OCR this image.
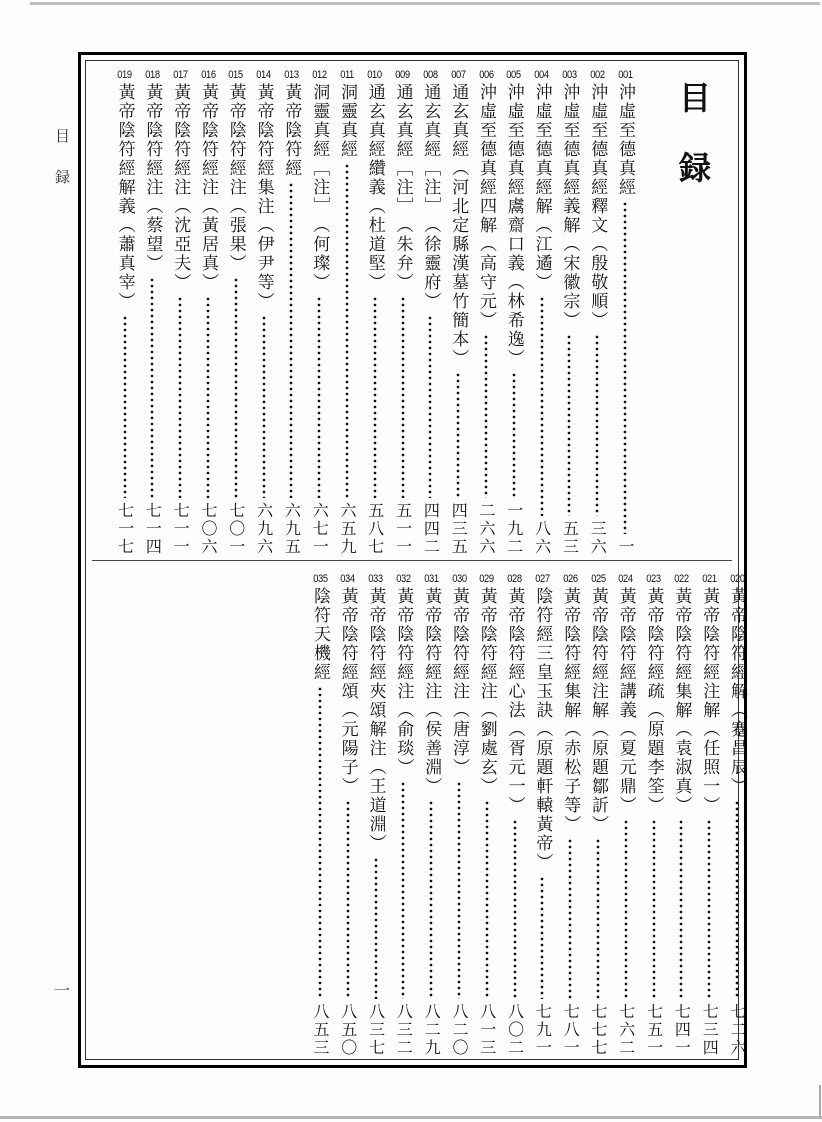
目録
一
目
録
001
沖虛至德真經
一
002
沖虛至德真經釋文︵殷敬順︶
三六
003
沖虛至德真經義解︵宋徽宗︶
五三
004
沖虛至德真經解︵江遹︶
八六
005
沖虛至德真經鬳齋口義︵林希逸︶
一九二
006
沖虛至德真經四解︵高守元︶
二六六
007
通玄真經︵河北定縣漢墓竹簡本︶
四三五
008
通玄真經﹇注﹈︵徐靈府︶
四四二
009
通玄真經﹇注﹈︵朱弁︶
五一一
010
通玄真經纘義︵杜道堅︶
五八七
011
洞靈真經
六五九
012
洞靈真經﹇注﹈︵何璨︶
六七一
013
黃帝陰符經
六九五
014
黃帝陰符經集注︵伊尹等︶
六九六
015
黃帝陰符經注︵張果︶
七〇一
016
黃帝陰符經注︵黃居真︶
七〇六
017
黃帝陰符經注︵沈亞夫︶
七一一
018
黃帝陰符經注︵蔡望︶
七一四
019
黃帝陰符經解義︵蕭真宰︶
七一七
020
黃帝陰符經解︵蹇昌辰︶
七二六
021
黃帝陰符經注解︵任照一︶
七三四
022
黃帝陰符經集解︵袁淑真︶
七四一
023
黃帝陰符經疏︵原題李筌︶
七五一
024
黃帝陰符經講義︵夏元鼎︶
七六二
025
黃帝陰符經注解︵原題鄒訢︶
七七七
026
黃帝陰符經集解︵赤松子等︶
七八一
027
陰符經三皇玉訣︵原題軒轅黃帝︶
七九一
028
黃帝陰符經心法︵胥元一︶
八〇二
029
黃帝陰符經注︵劉處玄︶
八一三
030
黃帝陰符經注︵唐淳︶
八二〇
031
黃帝陰符經注︵侯善淵︶
八二九
032
黃帝陰符經注︵俞琰︶
八三二
033
黃帝陰符經夾頌解注︵王道淵︶
八三七
034
黃帝陰符經頌︵元陽子︶
八五〇
035
陰符天機經
八五三
